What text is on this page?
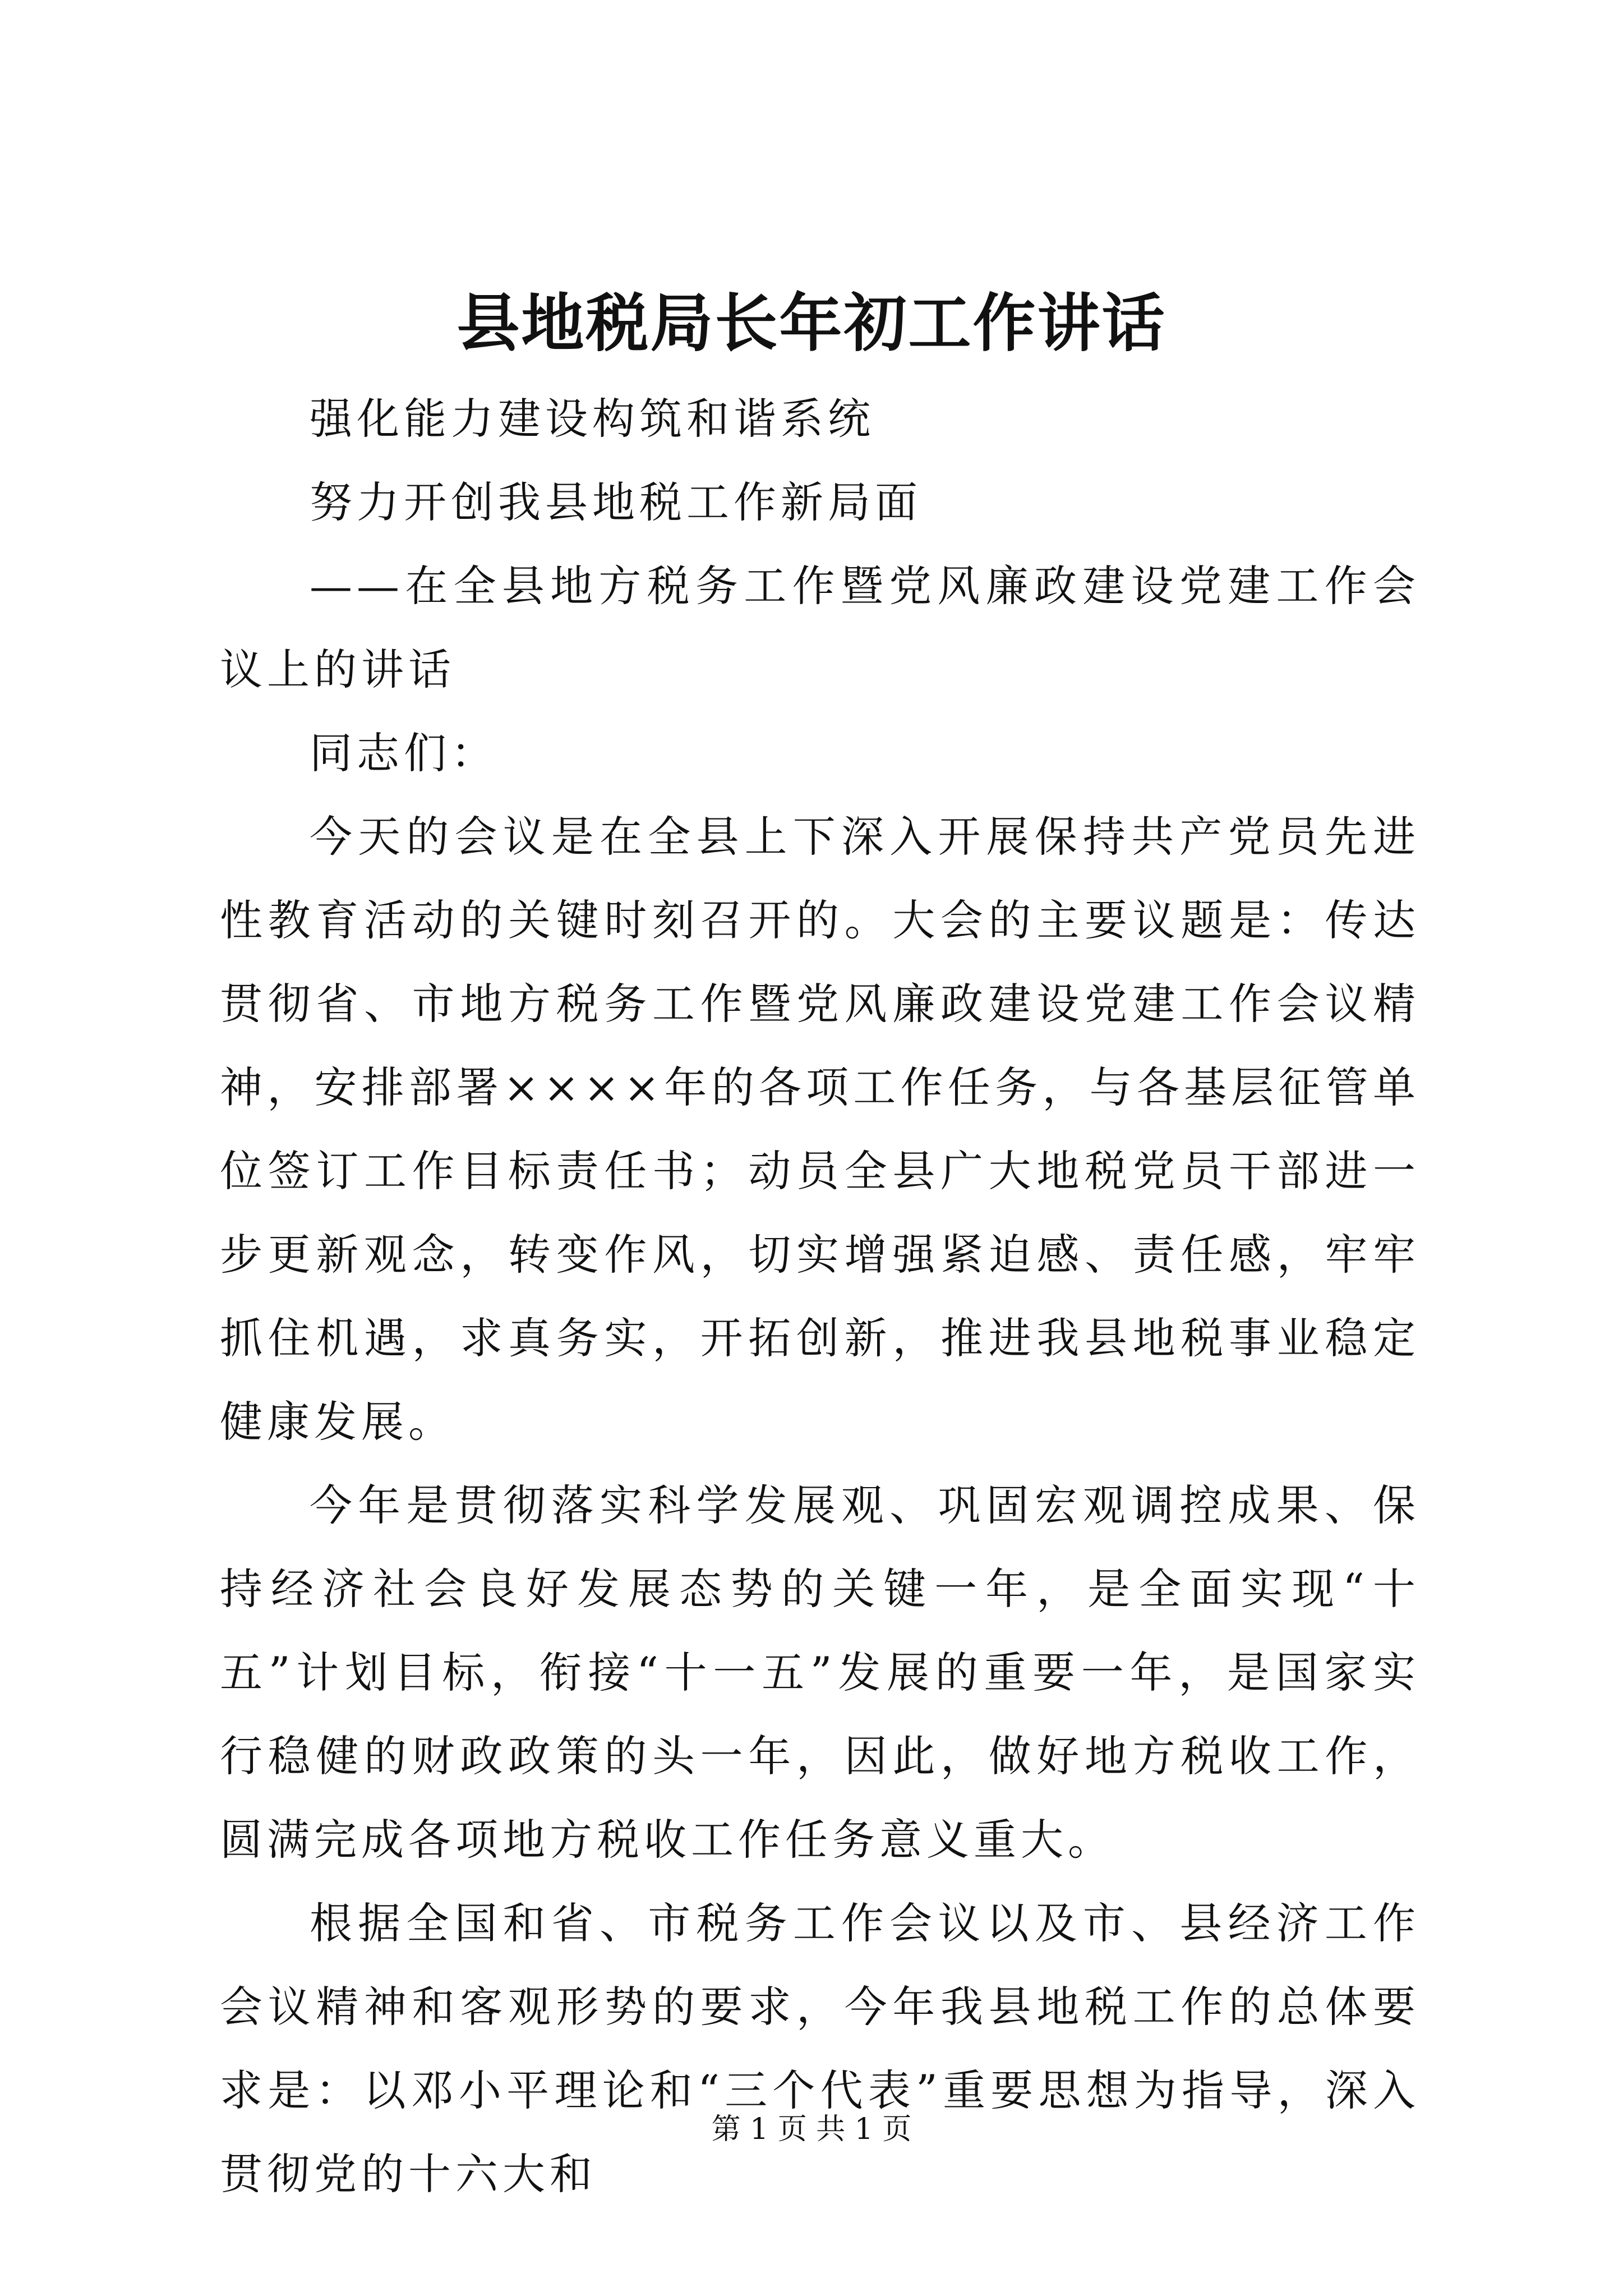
县地税局长年初工作讲话

强化能力建设构筑和谐系统

努力开创我县地税工作新局面

——在全县地方税务工作暨党风廉政建设党建工作会议上的讲话

同志们：

今天的会议是在全县上下深入开展保持共产党员先进性教育活动的关键时刻召开的。大会的主要议题是：传达贯彻省、市地方税务工作暨党风廉政建设党建工作会议精神，安排部署××××年的各项工作任务，与各基层征管单位签订工作目标责任书；动员全县广大地税党员干部进一步更新观念，转变作风，切实增强紧迫感、责任感，牢牢抓住机遇，求真务实，开拓创新，推进我县地税事业稳定健康发展。

今年是贯彻落实科学发展观、巩固宏观调控成果、保持经济社会良好发展态势的关键一年，是全面实现“十五”计划目标，衔接“十一五”发展的重要一年，是国家实行稳健的财政政策的头一年，因此，做好地方税收工作，圆满完成各项地方税收工作任务意义重大。

根据全国和省、市税务工作会议以及市、县经济工作会议精神和客观形势的要求，今年我县地税工作的总体要求是：以邓小平理论和“三个代表”重要思想为指导，深入贯彻党的十六大和

第 1 页 共 1 页
